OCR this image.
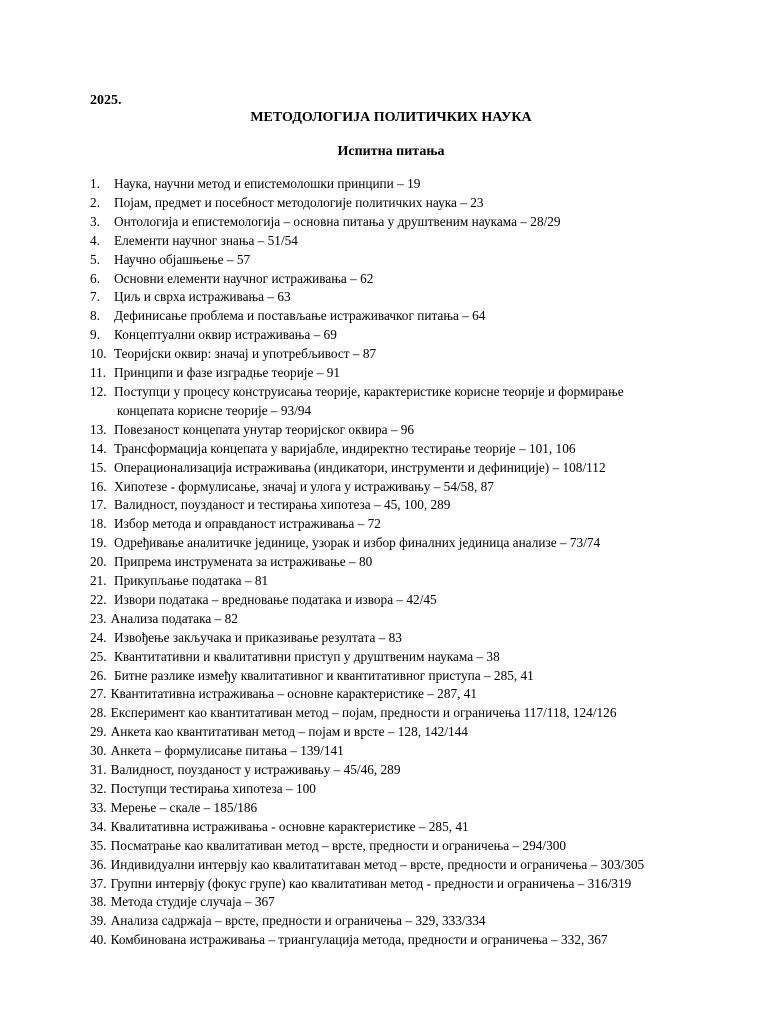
2025.
МЕТОДОЛОГИЈА ПОЛИТИЧКИХ НАУКА
Испитна питања
1. Наука, научни метод и епистемолошки принципи – 19
2. Појам, предмет и посебност методологије политичких наука – 23
3. Онтологија и епистемологија – основна питања у друштвеним наукама – 28/29
4. Елементи научног знања – 51/54
5. Научно објашњење – 57
6. Основни елементи научног истраживања – 62
7. Циљ и сврха истраживања – 63
8. Дефинисање проблема и постављање истраживачког питања – 64
9. Концептуални оквир истраживања – 69
10. Теоријски оквир: значај и употребљивост – 87
11. Принципи и фазе изградње теорије – 91
12. Поступци у процесу конструисања теорије, карактеристике корисне теорије и формирање
концепата корисне теорије – 93/94
13. Повезаност концепата унутар теоријског оквира – 96
14. Трансформација концепата у варијабле, индиректно тестирање теорије – 101, 106
15. Операционализација истраживања (индикатори, инструменти и дефиниције) – 108/112
16. Хипотезе - формулисање, значај и улога у истраживању – 54/58, 87
17. Валидност, поузданост и тестирања хипотеза – 45, 100, 289
18. Избор метода и оправданост истраживања – 72
19. Одређивање аналитичке јединице, узорак и избор финалних јединица анализе – 73/74
20. Припрема инструмената за истраживање – 80
21. Прикупљање података – 81
22. Извори података – вредновање података и извора – 42/45
23. Анализа података – 82
24. Извођење закључака и приказивање резултата – 83
25. Квантитативни и квалитативни приступ у друштвеним наукама – 38
26. Битне разлике између квалитативног и квантитативног приступа – 285, 41
27. Квантитативна истраживања – основне карактеристике – 287, 41
28. Експеримент као квантитативан метод – појам, предности и ограничења 117/118, 124/126
29. Анкета као квантитативан метод – појам и врсте – 128, 142/144
30. Анкета – формулисање питања – 139/141
31. Валидност, поузданост у истраживању – 45/46, 289
32. Поступци тестирања хипотеза – 100
33. Мерење – скале – 185/186
34. Квалитативна истраживања - основне карактеристике – 285, 41
35. Посматрање као квалитативан метод – врсте, предности и ограничења – 294/300
36. Индивидуални интервју као квалитатитаван метод – врсте, предности и ограничења – 303/305
37. Групни интервју (фокус групе) као квалитативан метод - предности и ограничења – 316/319
38. Метода студије случаја – 367
39. Анализа садржаја – врсте, предности и ограничења – 329, 333/334
40. Комбинована истраживања – триангулација метода, предности и ограничења – 332, 367
